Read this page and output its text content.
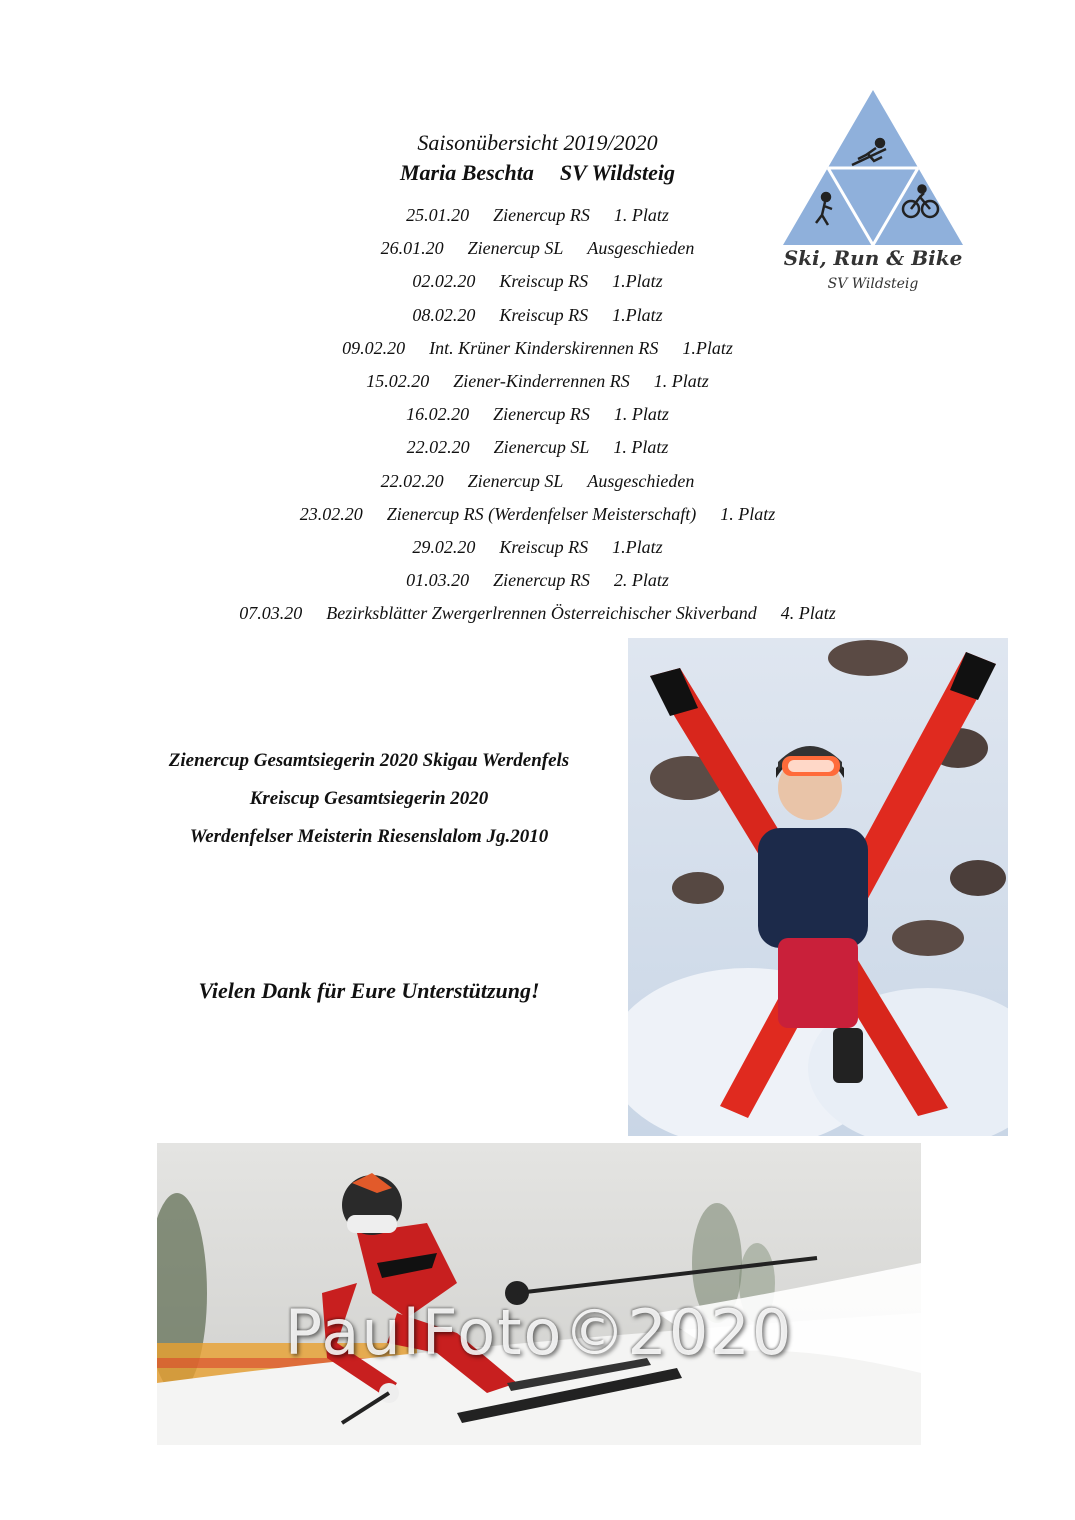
Saisonübersicht 2019/2020
Maria Beschta SV Wildsteig
Ski, Run & Bike
SV Wildsteig
25.01.20 Zienercup RS 1. Platz
26.01.20 Zienercup SL Ausgeschieden
02.02.20 Kreiscup RS 1.Platz
08.02.20 Kreiscup RS 1.Platz
09.02.20 Int. Krüner Kinderskirennen RS 1.Platz
15.02.20 Ziener-Kinderrennen RS 1. Platz
16.02.20 Zienercup RS 1. Platz
22.02.20 Zienercup SL 1. Platz
22.02.20 Zienercup SL Ausgeschieden
23.02.20 Zienercup RS (Werdenfelser Meisterschaft) 1. Platz
29.02.20 Kreiscup RS 1.Platz
01.03.20 Zienercup RS 2. Platz
07.03.20 Bezirksblätter Zwergerlrennen Österreichischer Skiverband 4. Platz
Zienercup Gesamtsiegerin 2020 Skigau Werdenfels
Kreiscup Gesamtsiegerin 2020
Werdenfelser Meisterin Riesenslalom Jg.2010
Vielen Dank für Eure Unterstützung!
PaulFoto©2020
